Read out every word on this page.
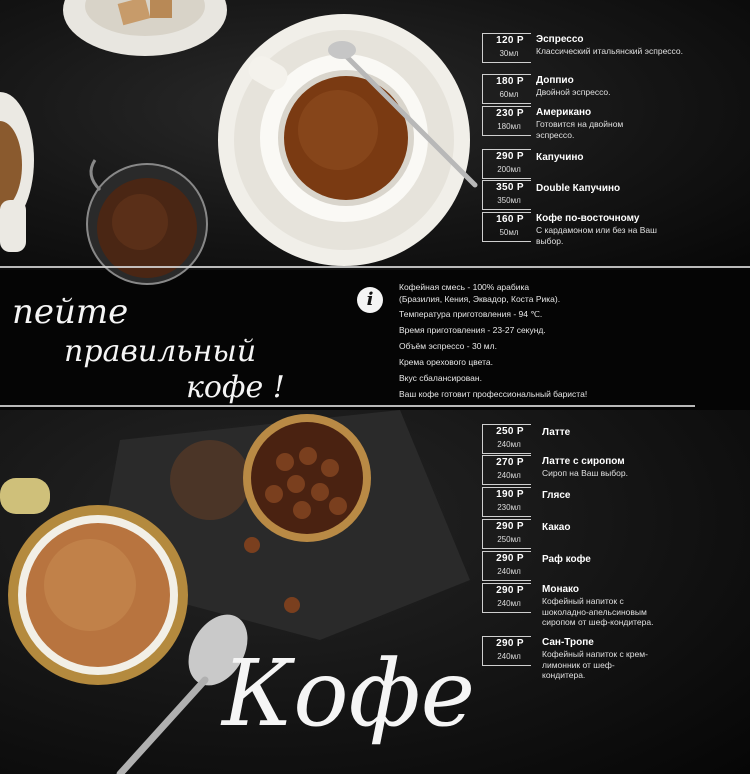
120 Р
30мл
Эспрессо
Классический итальянский эспрессо.
180 Р
60мл
Доппио
Двойной эспрессо.
230 Р
180мл
Американо
Готовится на двойном эспрессо.
290 Р
200мл
Капучино
350 Р
350мл
Double Капучино
160 Р
50мл
Кофе по-восточному
С кардамоном или без на Ваш выбор.
i
Кофейная смесь - 100% арабика
(Бразилия, Кения, Эквадор, Коста Рика).
Температура приготовления - 94 ℃.
Время приготовления - 23-27 секунд.
Объём эспрессо - 30 мл.
Крема орехового цвета.
Вкус сбалансирован.
Ваш кофе готовит профессиональный бариста!
пейте
правильный
кофе !
250 Р
240мл
Латте
270 Р
240мл
Латте с сиропом
Сироп на Ваш выбор.
190 Р
230мл
Глясе
290 Р
250мл
Какао
290 Р
240мл
Раф кофе
290 Р
240мл
Монако
Кофейный напиток с шоколадно-апельсиновым сиропом от шеф-кондитера.
290 Р
240мл
Сан-Тропе
Кофейный напиток с крем-лимонник от шеф-кондитера.
Кофе
